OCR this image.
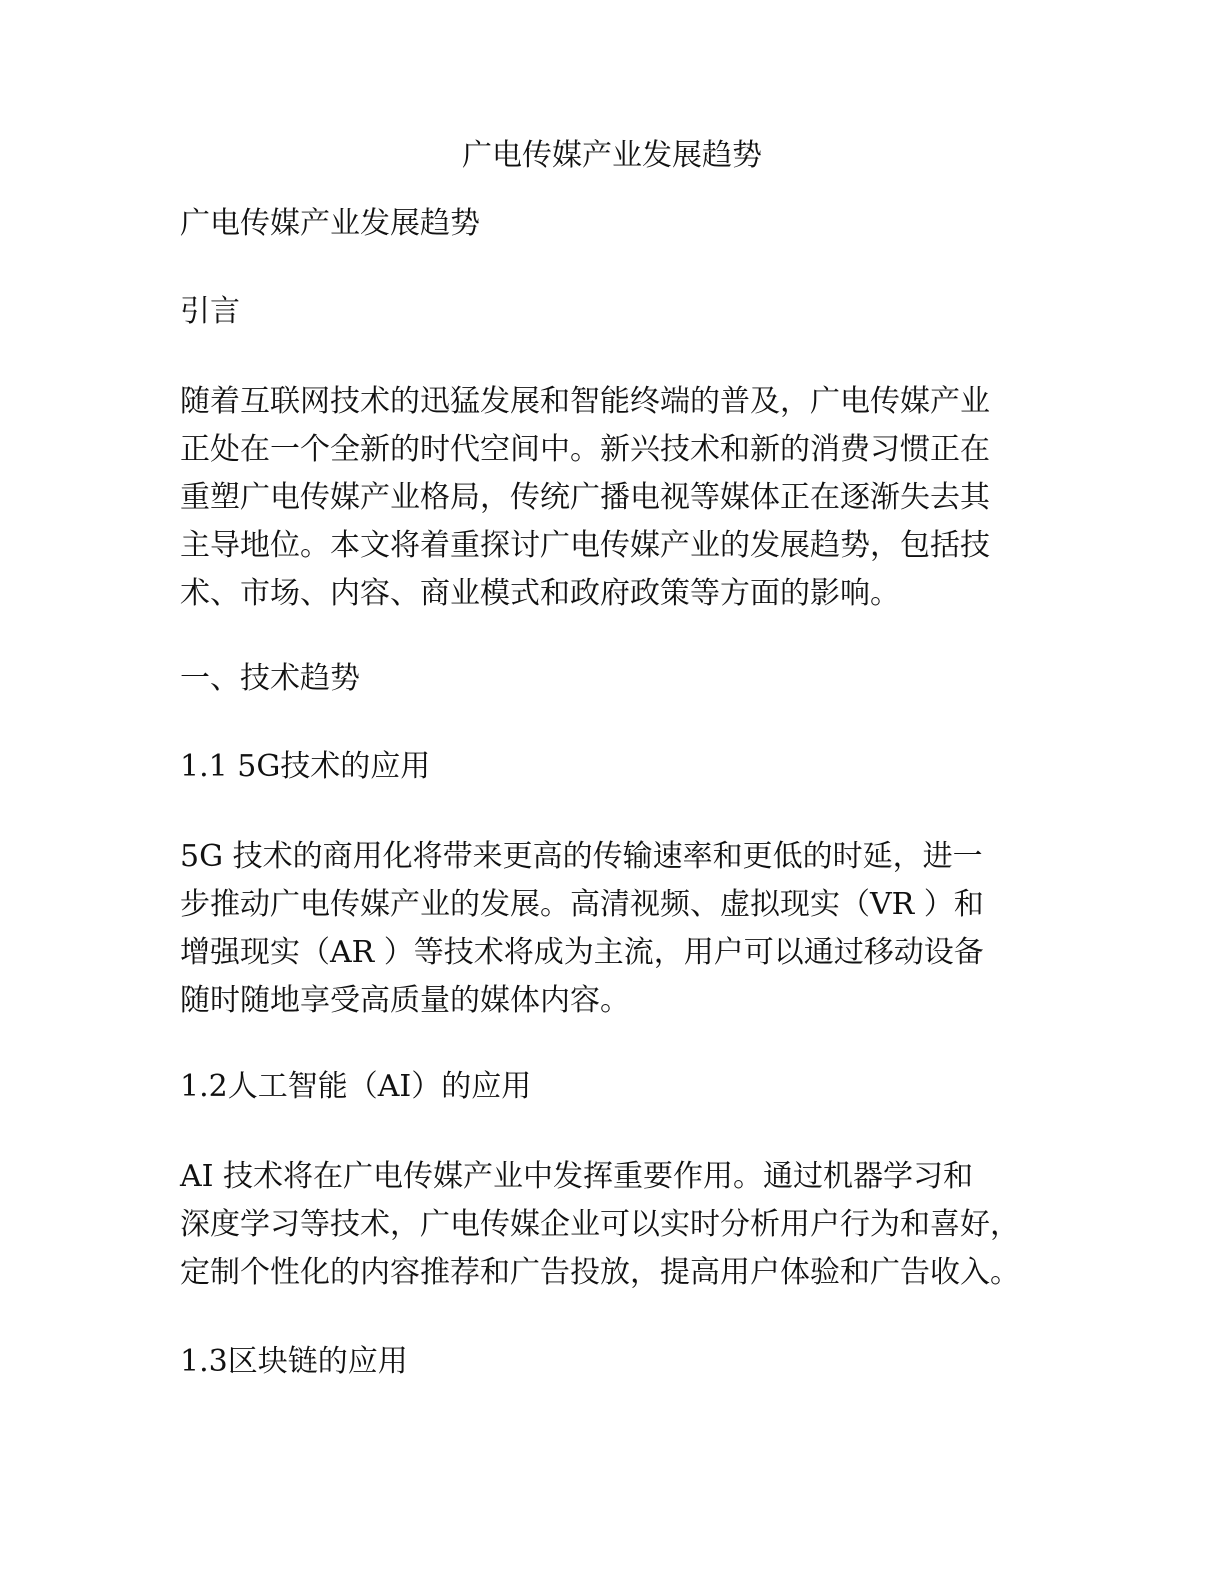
广电传媒产业发展趋势
广电传媒产业发展趋势
引言
随着互联网技术的迅猛发展和智能终端的普及，广电传媒产业
正处在一个全新的时代空间中。新兴技术和新的消费习惯正在
重塑广电传媒产业格局，传统广播电视等媒体正在逐渐失去其
主导地位。本文将着重探讨广电传媒产业的发展趋势，包括技
术、市场、内容、商业模式和政府政策等方面的影响。
一、技术趋势
1.1 5G技术的应用
5G 技术的商用化将带来更高的传输速率和更低的时延，进一
步推动广电传媒产业的发展。高清视频、虚拟现实（VR ）和
增强现实（AR ）等技术将成为主流，用户可以通过移动设备
随时随地享受高质量的媒体内容。
1.2人工智能（AI）的应用
AI 技术将在广电传媒产业中发挥重要作用。通过机器学习和
深度学习等技术，广电传媒企业可以实时分析用户行为和喜好，
定制个性化的内容推荐和广告投放，提高用户体验和广告收入。
1.3区块链的应用
